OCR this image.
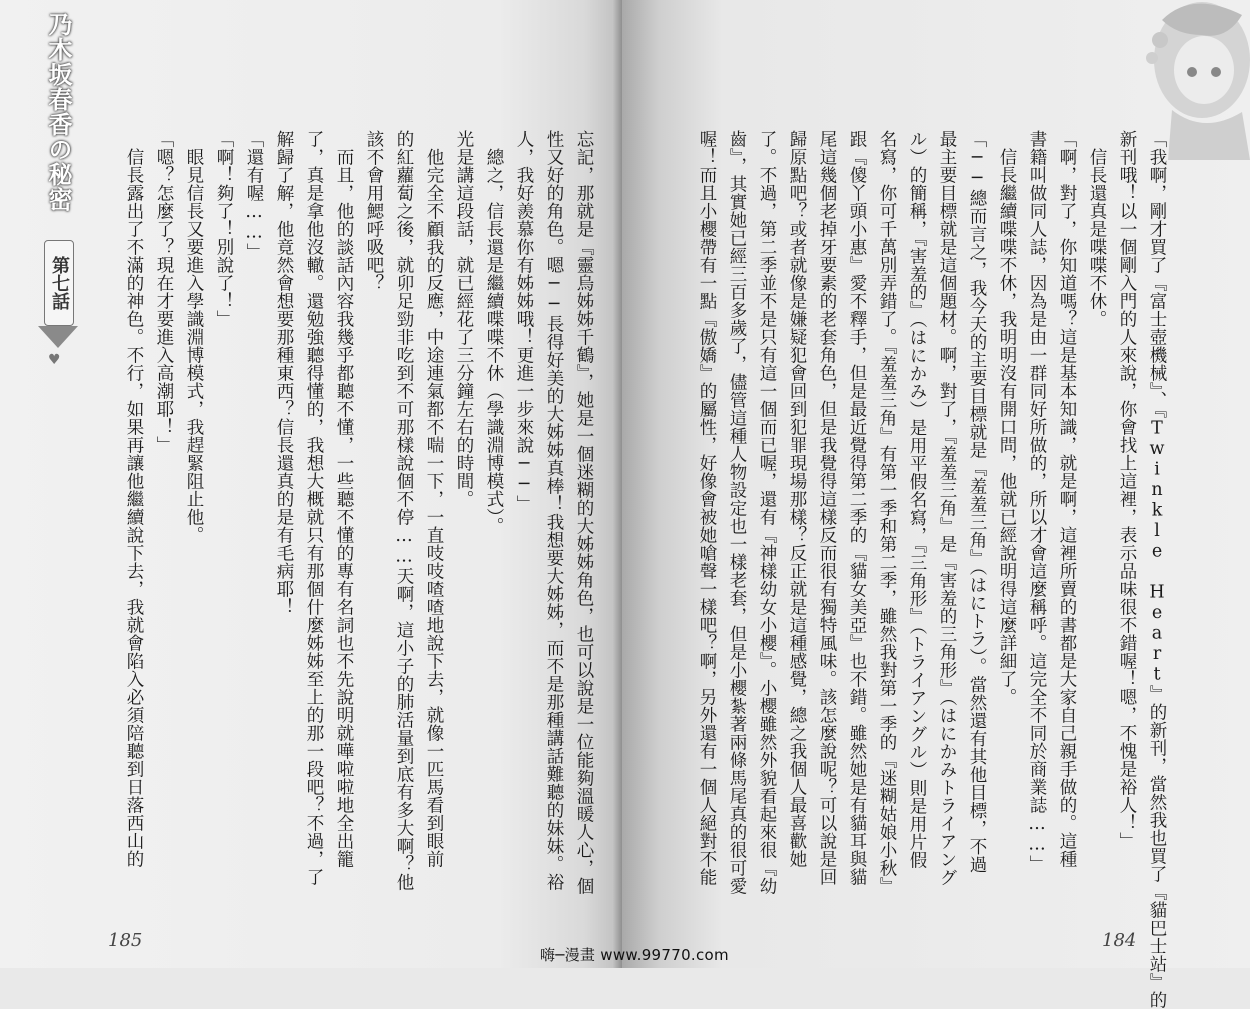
乃木坂春香の秘密
第七話
♥	忘記，那就是『靈烏姊姊千鶴』，她是一個迷糊的大姊姊角色，也可以說是一位能夠溫暖人心，個
性又好的角色。嗯──長得好美的大姊姊真棒！我想要大姊姊，而不是那種講話難聽的妹妹。裕
人，我好羨慕你有姊姊哦！更進一步來說──」
　總之，信長還是繼續喋喋不休（學識淵博模式）。
光是講這段話，就已經花了三分鐘左右的時間。
　他完全不顧我的反應，中途連氣都不喘一下，一直吱吱喳喳地說下去，就像一匹馬看到眼前
的紅蘿蔔之後，就卯足勁非吃到不可那樣說個不停……天啊，這小子的肺活量到底有多大啊？他
該不會用鰓呼吸吧？
　而且，他的談話內容我幾乎都聽不懂，一些聽不懂的專有名詞也不先說明就嘩啦啦地全出籠
了，真是拿他沒轍。還勉強聽得懂的，我想大概就只有那個什麼姊姊至上的那一段吧？不過，了
解歸了解，他竟然會想要那種東西？信長還真的是有毛病耶！
「還有喔……」
「啊！夠了！別說了！」
　眼見信長又要進入學識淵博模式，我趕緊阻止他。
「嗯？怎麼了？現在才要進入高潮耶！」
　信長露出了不滿的神色。不行，如果再讓他繼續說下去，我就會陷入必須陪聽到日落西山的
185	「我啊，剛才買了『富士壺機械』、『Twinkle Heart』的新刊，當然我也買了『貓巴士站』的
新刊哦！以一個剛入門的人來說，你會找上這裡，表示品味很不錯喔！嗯，不愧是裕人！」
　信長還真是喋喋不休。
「啊，對了，你知道嗎？這是基本知識，就是啊，這裡所賣的書都是大家自己親手做的。這種
書籍叫做同人誌，因為是由一群同好所做的，所以才會這麼稱呼。這完全不同於商業誌……」
　信長繼續喋喋不休，我明明沒有開口問，他就已經說明得這麼詳細了。
「──總而言之，我今天的主要目標就是『羞羞三角』（はにトラ）。當然還有其他目標，不過
最主要目標就是這個題材。啊，對了，『羞羞三角』是『害羞的三角形』（はにかみトライアング
ル）的簡稱，『害羞的』（はにかみ）是用平假名寫，『三角形』（トライアングル）則是用片假
名寫，你可千萬別弄錯了。『羞羞三角』有第一季和第二季，雖然我對第一季的『迷糊姑娘小秋』
跟『傻丫頭小惠』愛不釋手，但是最近覺得第二季的『貓女美亞』也不錯。雖然她是有貓耳與貓
尾這幾個老掉牙要素的老套角色，但是我覺得這樣反而很有獨特風味。該怎麼說呢？可以說是回
歸原點吧？或者就像是嫌疑犯會回到犯罪現場那樣？反正就是這種感覺，總之我個人最喜歡她
了。不過，第二季並不是只有這一個而已喔，還有『神樣幼女小櫻』。小櫻雖然外貌看起來很『幼
齒』，其實她已經三百多歲了，儘管這種人物設定也一樣老套，但是小櫻紮著兩條馬尾真的很可愛
喔！而且小櫻帶有一點『傲嬌』的屬性，好像會被她嗆聲一樣吧？啊，另外還有一個人絕對不能
184
嗨─漫畫 www.99770.com
